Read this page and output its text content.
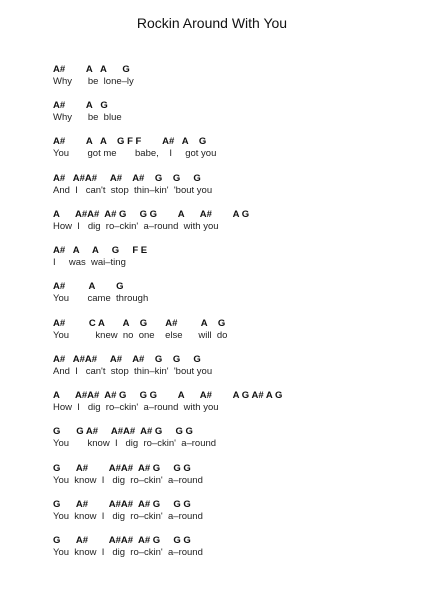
Rockin Around With You
A#        A   A      G
Why      be  lone–ly
A#        A   G
Why      be  blue
A#        A   A    G F F        A#   A    G
You       got me       babe,    I     got you
A#   A#A#     A#    A#    G    G     G
And  I   can't  stop  thin–kin'  'bout you
A      A#A#  A# G     G G        A      A#        A G
How  I   dig  ro–ckin'  a–round  with you
A#   A     A     G     F E
I     was  wai–ting
A#         A        G
You       came  through
A#         C A       A    G       A#         A    G
You          knew  no  one    else      will  do
A#   A#A#     A#    A#    G    G     G
And  I   can't  stop  thin–kin'  'bout you
A      A#A#  A# G     G G        A      A#        A G A# A G
How  I   dig  ro–ckin'  a–round  with you
G      G A#     A#A#  A# G     G G
You       know  I   dig  ro–ckin'  a–round
G      A#        A#A#  A# G     G G
You  know  I   dig  ro–ckin'  a–round
G      A#        A#A#  A# G     G G
You  know  I   dig  ro–ckin'  a–round
G      A#        A#A#  A# G     G G
You  know  I   dig  ro–ckin'  a–round
